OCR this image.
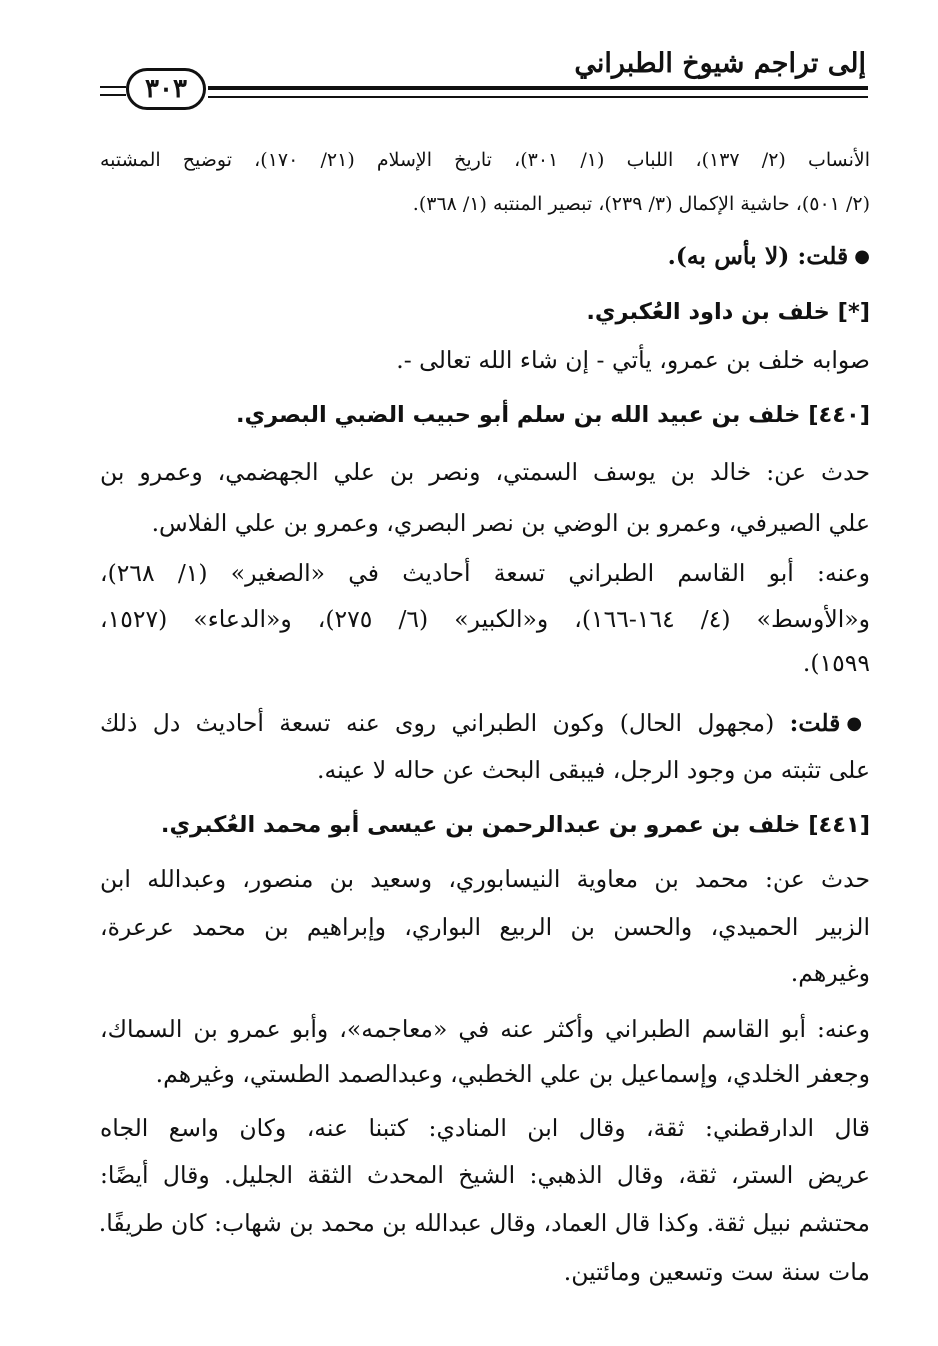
إلى تراجم شيوخ الطبراني
٣٠٣
الأنساب (٢/ ١٣٧)، اللباب (١/ ٣٠١)، تاريخ الإسلام (٢١/ ١٧٠)، توضيح المشتبه
(٢/ ٥٠١)، حاشية الإكمال (٣/ ٢٣٩)، تبصير المنتبه (١/ ٣٦٨).
●قلت: (لا بأس به).
[*] خلف بن داود العُكبري.
صوابه خلف بن عمرو، يأتي - إن شاء الله تعالى -.
[٤٤٠] خلف بن عبيد الله بن سلم أبو حبيب الضبي البصري.
حدث عن: خالد بن يوسف السمتي، ونصر بن علي الجهضمي، وعمرو بن
علي الصيرفي، وعمرو بن الوضي بن نصر البصري، وعمرو بن علي الفلاس.
وعنه: أبو القاسم الطبراني تسعة أحاديث في «الصغير» (١/ ٢٦٨)،
و«الأوسط» (٤/ ١٦٤-١٦٦)، و«الكبير» (٦/ ٢٧٥)، و«الدعاء» (١٥٢٧،
١٥٩٩).
●قلت: (مجهول الحال) وكون الطبراني روى عنه تسعة أحاديث دل ذلك
على تثبته من وجود الرجل، فيبقى البحث عن حاله لا عينه.
[٤٤١] خلف بن عمرو بن عبدالرحمن بن عيسى أبو محمد العُكبري.
حدث عن: محمد بن معاوية النيسابوري، وسعيد بن منصور، وعبدالله ابن
الزبير الحميدي، والحسن بن الربيع البواري، وإبراهيم بن محمد عرعرة،
وغيرهم.
وعنه: أبو القاسم الطبراني وأكثر عنه في «معاجمه»، وأبو عمرو بن السماك،
وجعفر الخلدي، وإسماعيل بن علي الخطبي، وعبدالصمد الطستي، وغيرهم.
قال الدارقطني: ثقة، وقال ابن المنادي: كتبنا عنه، وكان واسع الجاه
عريض الستر، ثقة، وقال الذهبي: الشيخ المحدث الثقة الجليل. وقال أيضًا:
محتشم نبيل ثقة. وكذا قال العماد، وقال عبدالله بن محمد بن شهاب: كان طريفًا.
مات سنة ست وتسعين ومائتين.
